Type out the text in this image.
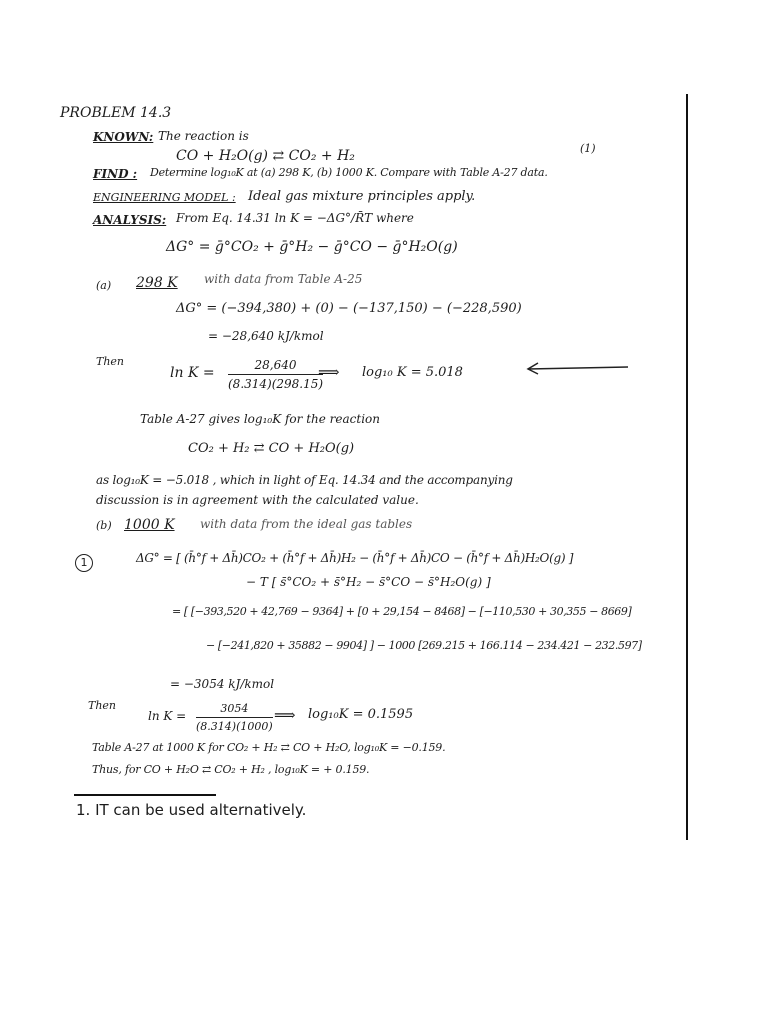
PROBLEM 14.3
KNOWN: The reaction is
CO + H₂O(g) ⇄ CO₂ + H₂	(1)
FIND : Determine log₁₀K at (a) 298 K, (b) 1000 K. Compare with Table A-27 data.
ENGINEERING MODEL : Ideal gas mixture principles apply.
ANALYSIS: From Eq. 14.31 ln K = −ΔG°/R̄T where
ΔG° = ḡ°CO₂ + ḡ°H₂ − ḡ°CO − ḡ°H₂O(g)
(a) 298 K with data from Table A-25
ΔG° = (−394,380) + (0) − (−137,150) − (−228,590)
= −28,640 kJ/kmol
Then
$\ln K = \frac{28,640}{(8.314)(298.15)}$
⟹ log₁₀ K = 5.018
Table A-27 gives log₁₀K for the reaction
CO₂ + H₂ ⇄ CO + H₂O(g)
as log₁₀K = −5.018 , which in light of Eq. 14.34 and the accompanying
discussion is in agreement with the calculated value.
(b) 1000 K with data from the ideal gas tables
1	ΔG° = [ (h̄°f + Δh̄)CO₂ + (h̄°f + Δh̄)H₂ − (h̄°f + Δh̄)CO − (h̄°f + Δh̄)H₂O(g) ]
− T [ s̄°CO₂ + s̄°H₂ − s̄°CO − s̄°H₂O(g) ]
= [ [−393,520 + 42,769 − 9364] + [0 + 29,154 − 8468] − [−110,530 + 30,355 − 8669]
− [−241,820 + 35882 − 9904] ] − 1000 [269.215 + 166.114 − 234.421 − 232.597]
= −3054 kJ/kmol
Then
$\ln K = \frac{3054}{(8.314)(1000)}$ ⟹ log₁₀K = 0.1595
Table A-27 at 1000 K for CO₂ + H₂ ⇄ CO + H₂O, log₁₀K = −0.159.
Thus, for CO + H₂O ⇄ CO₂ + H₂ , log₁₀K = + 0.159.
1. IT can be used alternatively.
